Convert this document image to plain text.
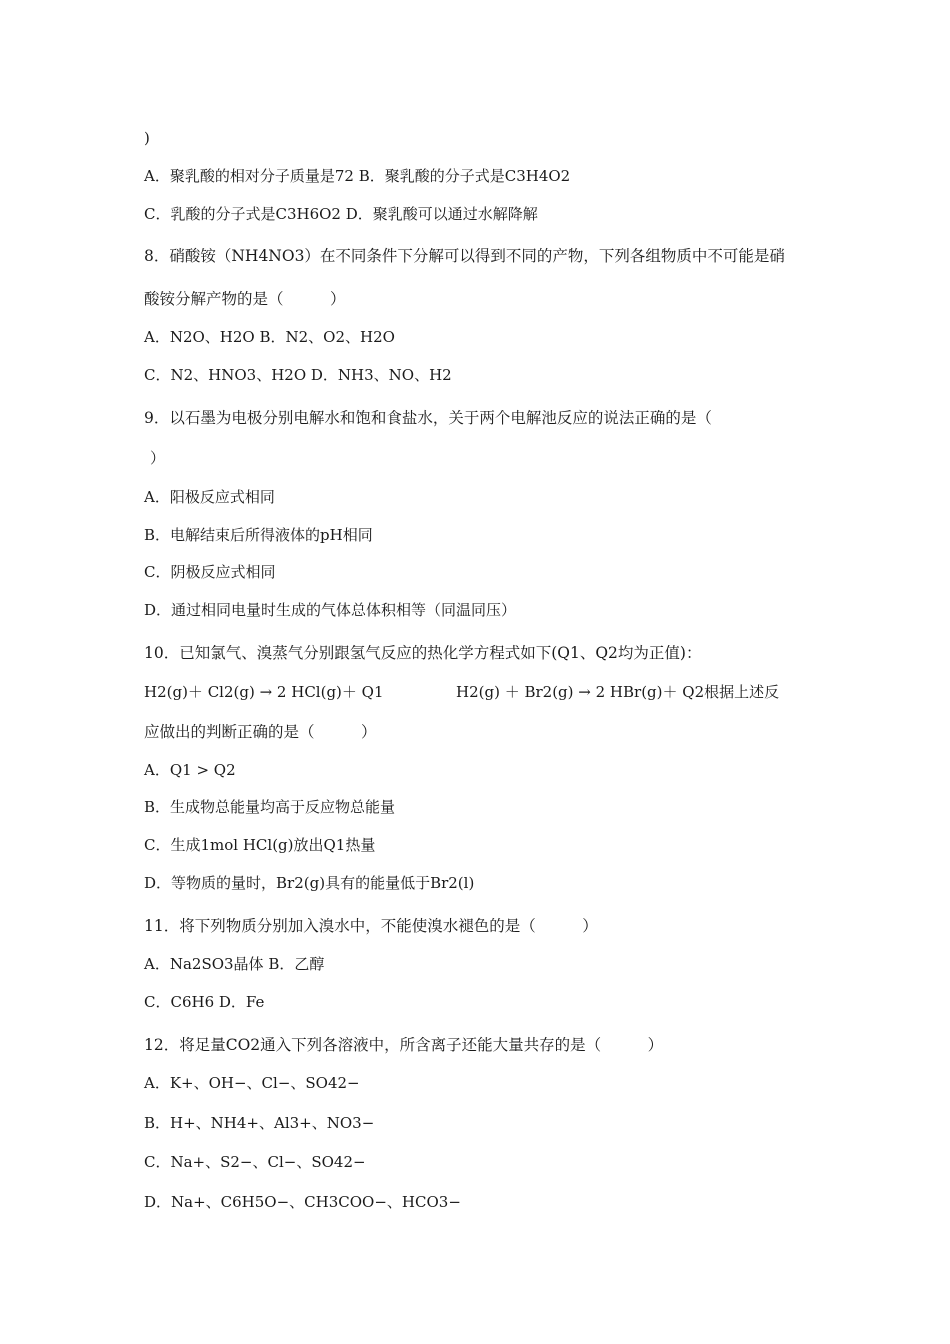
)
A．聚乳酸的相对分子质量是72 B．聚乳酸的分子式是C3H4O2
C．乳酸的分子式是C3H6O2 D．聚乳酸可以通过水解降解
8．硝酸铵（NH4NO3）在不同条件下分解可以得到不同的产物，下列各组物质中不可能是硝
酸铵分解产物的是（　　　）
A．N2O、H2O B．N2、O2、H2O
C．N2、HNO3、H2O D．NH3、NO、H2
9．以石墨为电极分别电解水和饱和食盐水，关于两个电解池反应的说法正确的是（
）
A．阳极反应式相同
B．电解结束后所得液体的pH相同
C．阴极反应式相同
D．通过相同电量时生成的气体总体积相等（同温同压）
10．已知氯气、溴蒸气分别跟氢气反应的热化学方程式如下(Q1、Q2均为正值)：
H2(g)＋ Cl2(g) → 2 HCl(g)＋ Q1	H2(g) ＋ Br2(g) → 2 HBr(g)＋ Q2根据上述反
应做出的判断正确的是（　　　）
A．Q1 > Q2
B．生成物总能量均高于反应物总能量
C．生成1mol HCl(g)放出Q1热量
D．等物质的量时，Br2(g)具有的能量低于Br2(l)
11．将下列物质分别加入溴水中，不能使溴水褪色的是（　　　）
A．Na2SO3晶体 B．乙醇
C．C6H6 D．Fe
12．将足量CO2通入下列各溶液中，所含离子还能大量共存的是（　　　）
A．K+、OH−、Cl−、SO42−
B．H+、NH4+、Al3+、NO3−
C．Na+、S2−、Cl−、SO42−
D．Na+、C6H5O−、CH3COO−、HCO3−
